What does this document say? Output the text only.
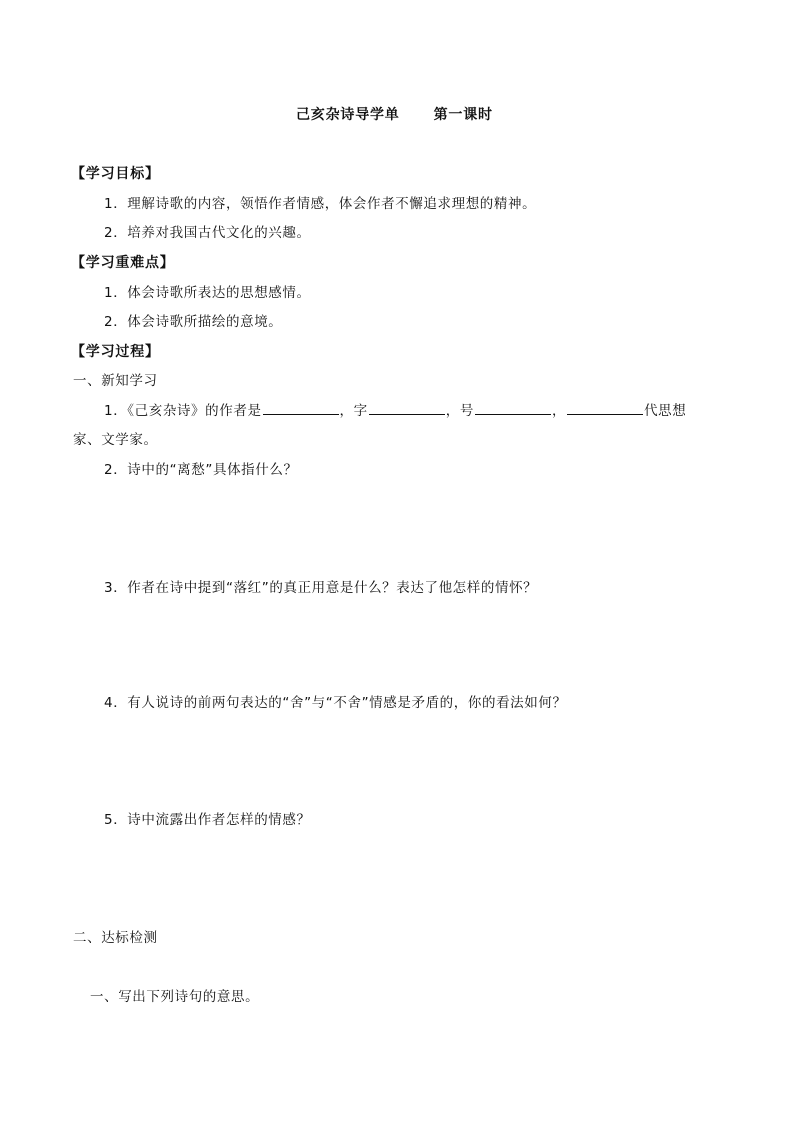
己亥杂诗导学单 第一课时
【学习目标】
1．理解诗歌的内容，领悟作者情感，体会作者不懈追求理想的精神。
2．培养对我国古代文化的兴趣。
【学习重难点】
1．体会诗歌所表达的思想感情。
2．体会诗歌所描绘的意境。
【学习过程】
一、新知学习
1．《己亥杂诗》的作者是	，字	，号	，	代思想
家、文学家。
2．诗中的“离愁”具体指什么？
3．作者在诗中提到“落红”的真正用意是什么？表达了他怎样的情怀？
4．有人说诗的前两句表达的“舍”与“不舍”情感是矛盾的，你的看法如何？
5．诗中流露出作者怎样的情感？
二、达标检测
一、写出下列诗句的意思。
